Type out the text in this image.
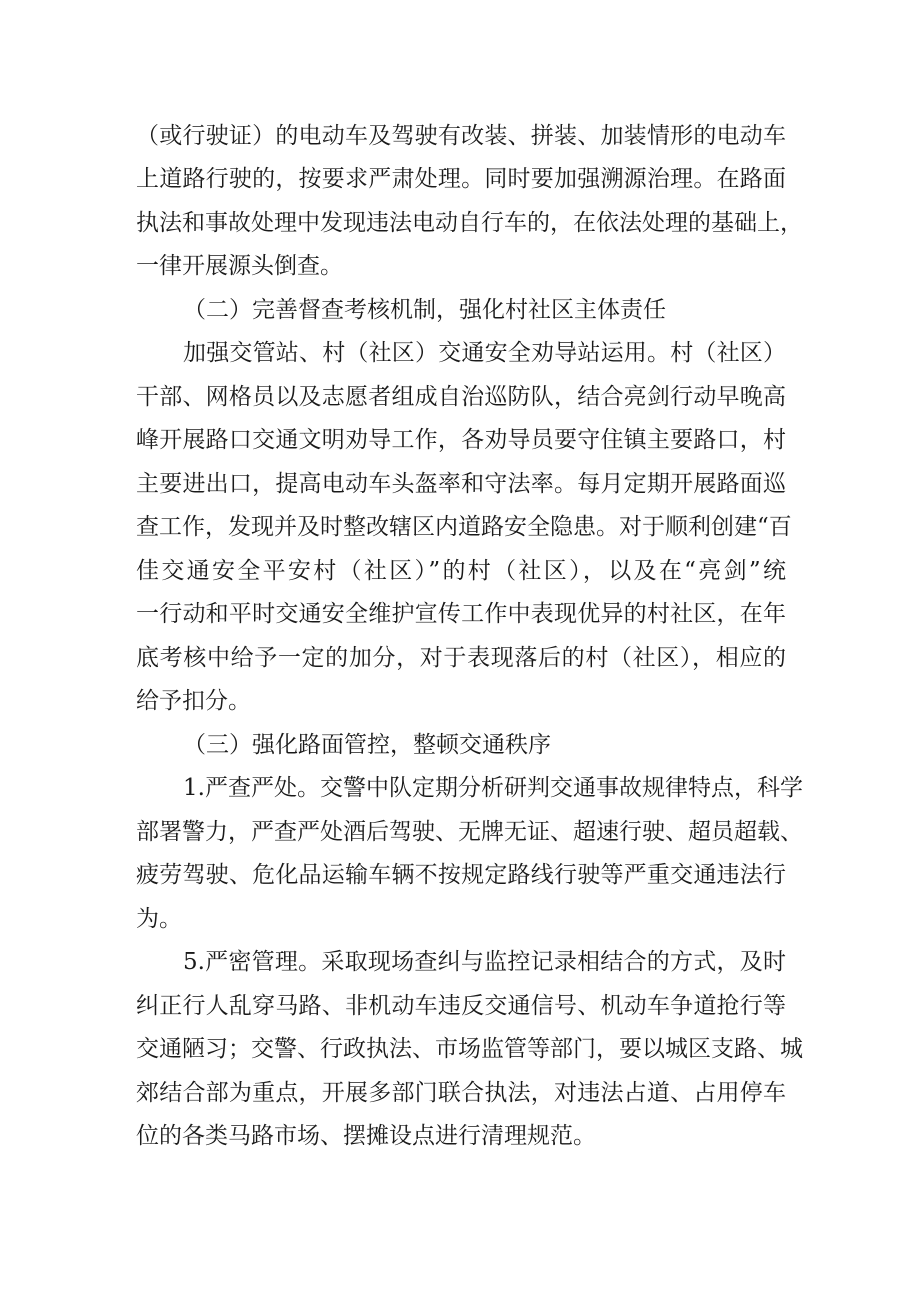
（或行驶证）的电动车及驾驶有改装、拼装、加装情形的电动车
上道路行驶的，按要求严肃处理。同时要加强溯源治理。在路面
执法和事故处理中发现违法电动自行车的，在依法处理的基础上，
一律开展源头倒查。
（二）完善督查考核机制，强化村社区主体责任
加强交管站、村（社区）交通安全劝导站运用。村（社区）
干部、网格员以及志愿者组成自治巡防队，结合亮剑行动早晚高
峰开展路口交通文明劝导工作，各劝导员要守住镇主要路口，村
主要进出口，提高电动车头盔率和守法率。每月定期开展路面巡
查工作，发现并及时整改辖区内道路安全隐患。对于顺利创建“百
佳交通安全平安村（社区）”的村（社区），以及在“亮剑”统
一行动和平时交通安全维护宣传工作中表现优异的村社区，在年
底考核中给予一定的加分，对于表现落后的村（社区），相应的
给予扣分。
（三）强化路面管控，整顿交通秩序
1.严查严处。交警中队定期分析研判交通事故规律特点，科学
部署警力，严查严处酒后驾驶、无牌无证、超速行驶、超员超载、
疲劳驾驶、危化品运输车辆不按规定路线行驶等严重交通违法行
为。
5.严密管理。采取现场查纠与监控记录相结合的方式，及时
纠正行人乱穿马路、非机动车违反交通信号、机动车争道抢行等
交通陋习；交警、行政执法、市场监管等部门，要以城区支路、城
郊结合部为重点，开展多部门联合执法，对违法占道、占用停车
位的各类马路市场、摆摊设点进行清理规范。
